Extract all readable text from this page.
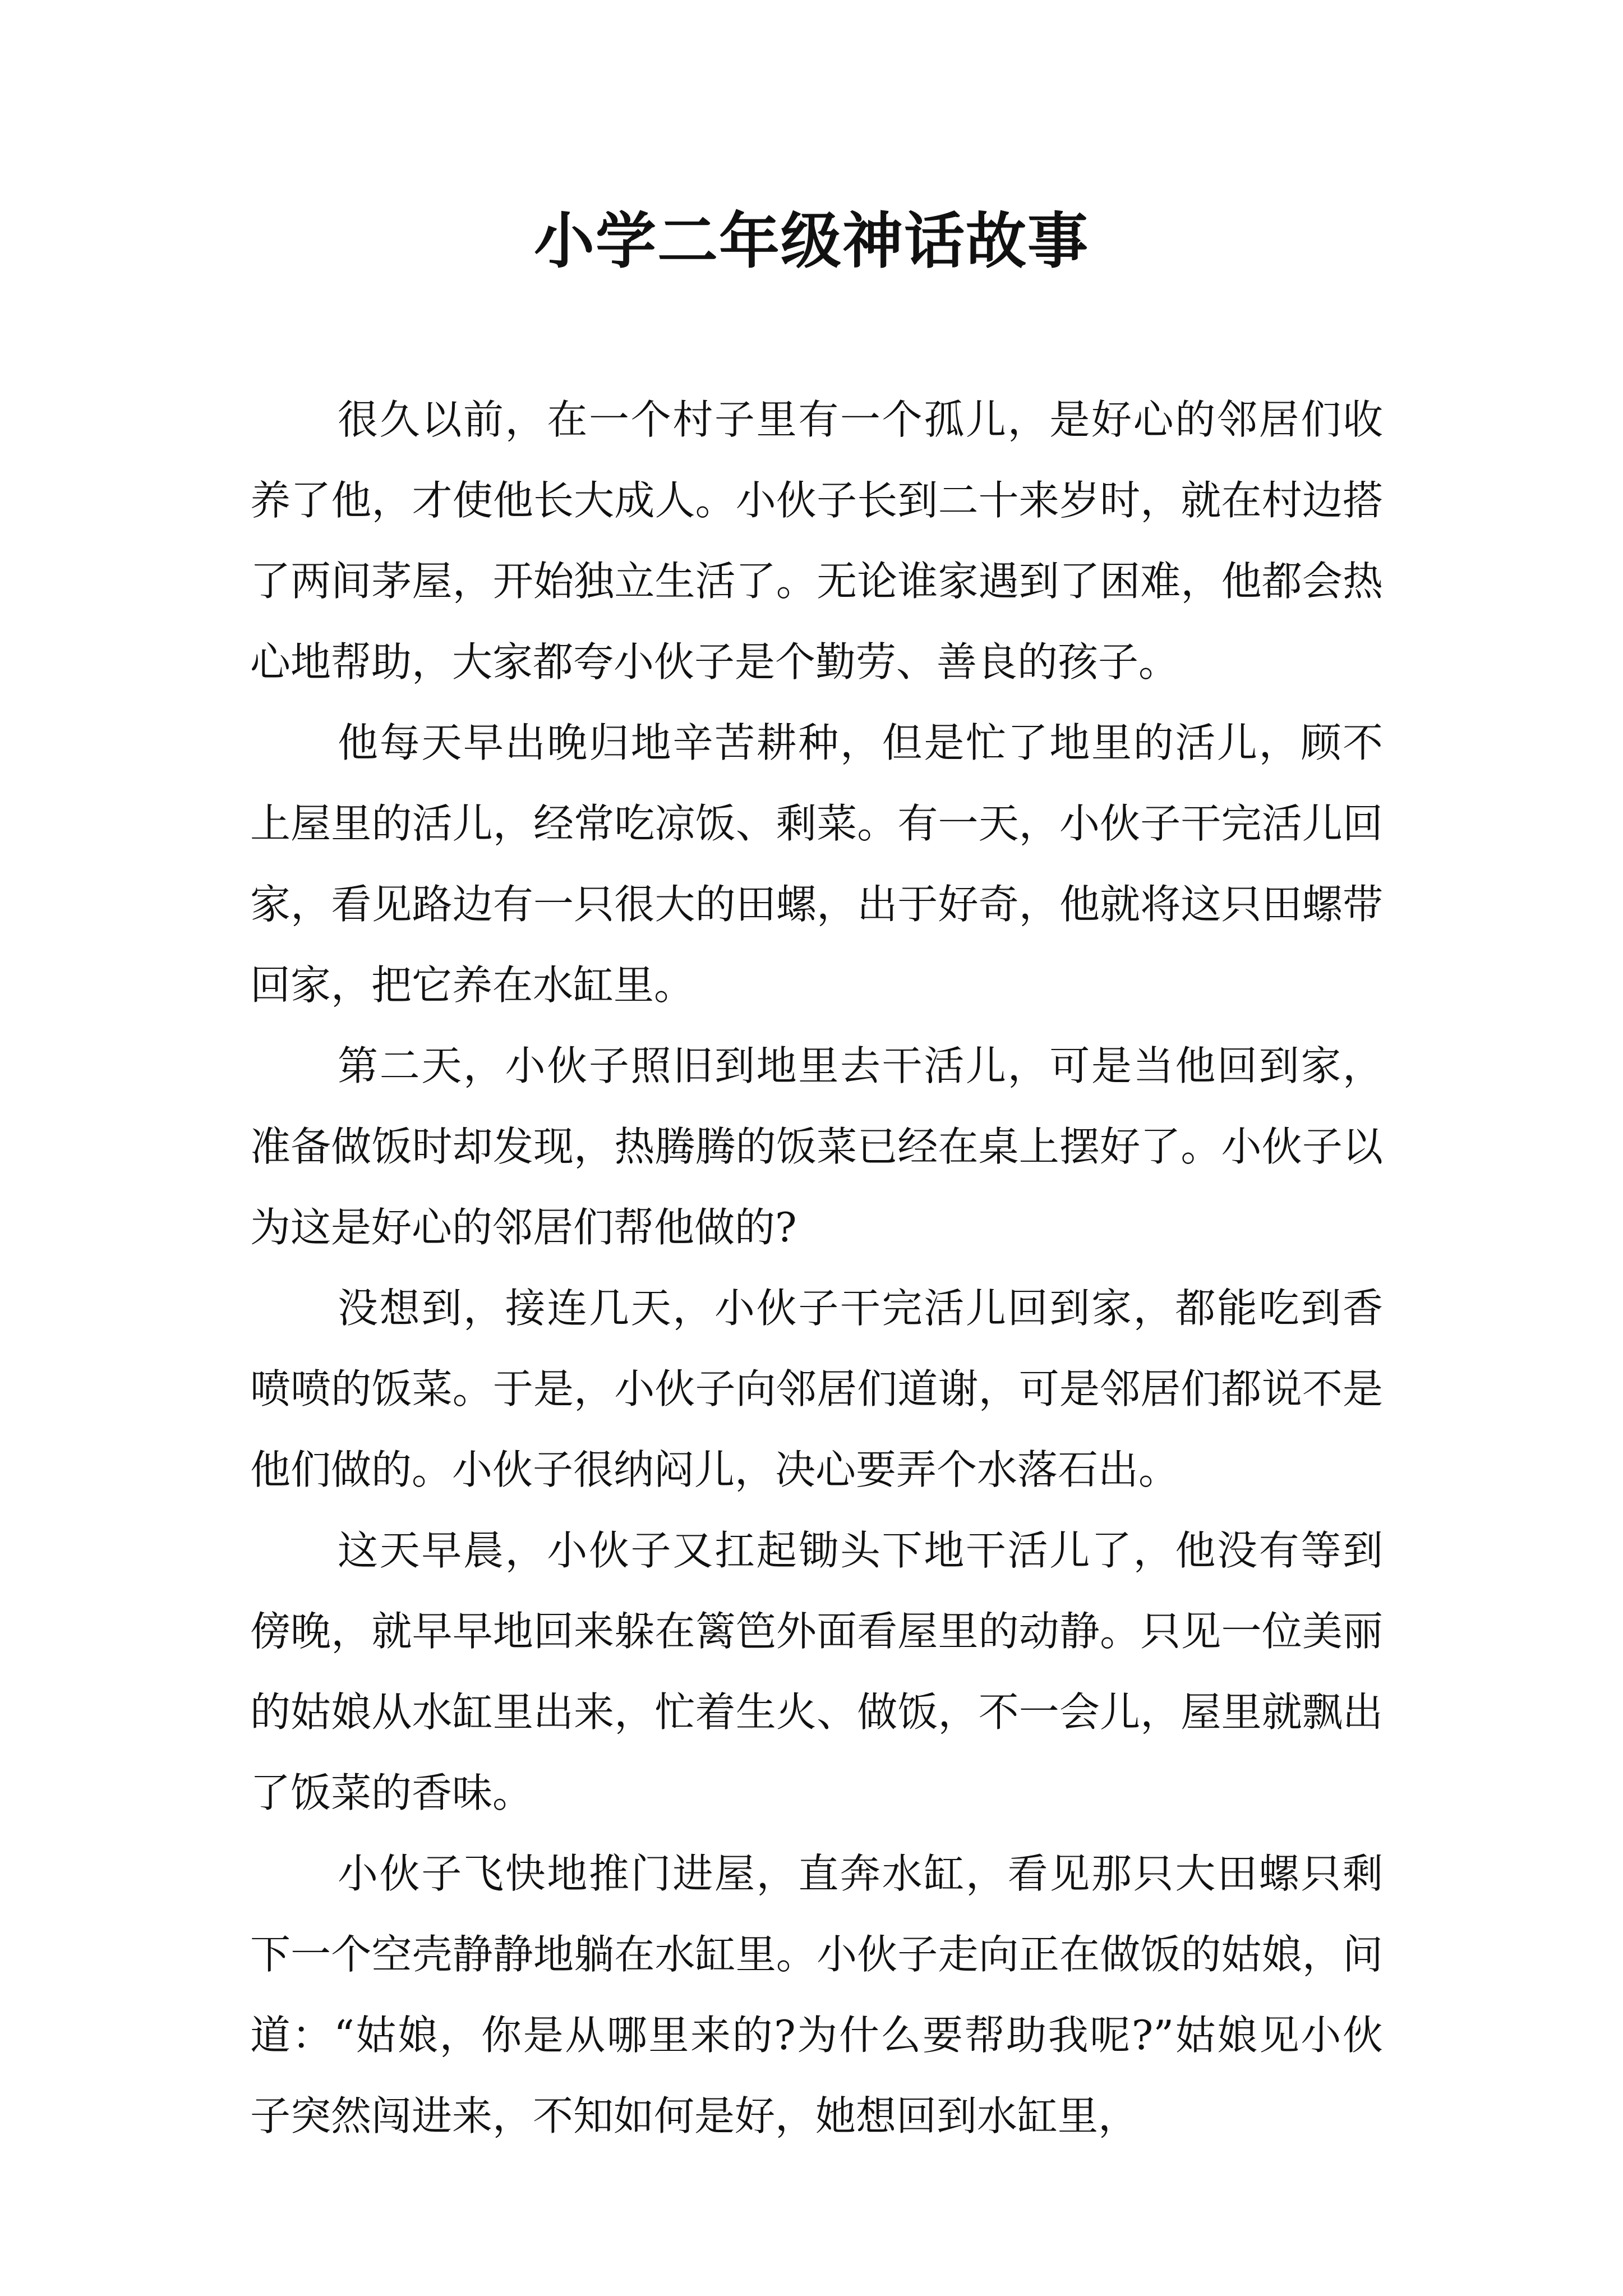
小学二年级神话故事

很久以前，在一个村子里有一个孤儿，是好心的邻居们收养了他，才使他长大成人。小伙子长到二十来岁时，就在村边搭了两间茅屋，开始独立生活了。无论谁家遇到了困难，他都会热心地帮助，大家都夸小伙子是个勤劳、善良的孩子。

他每天早出晚归地辛苦耕种，但是忙了地里的活儿，顾不上屋里的活儿，经常吃凉饭、剩菜。有一天，小伙子干完活儿回家，看见路边有一只很大的田螺，出于好奇，他就将这只田螺带回家，把它养在水缸里。

第二天，小伙子照旧到地里去干活儿，可是当他回到家，准备做饭时却发现，热腾腾的饭菜已经在桌上摆好了。小伙子以为这是好心的邻居们帮他做的?

没想到，接连几天，小伙子干完活儿回到家，都能吃到香喷喷的饭菜。于是，小伙子向邻居们道谢，可是邻居们都说不是他们做的。小伙子很纳闷儿，决心要弄个水落石出。

这天早晨，小伙子又扛起锄头下地干活儿了，他没有等到傍晚，就早早地回来躲在篱笆外面看屋里的动静。只见一位美丽的姑娘从水缸里出来，忙着生火、做饭，不一会儿，屋里就飘出了饭菜的香味。

小伙子飞快地推门进屋，直奔水缸，看见那只大田螺只剩下一个空壳静静地躺在水缸里。小伙子走向正在做饭的姑娘，问道：“姑娘，你是从哪里来的?为什么要帮助我呢?”姑娘见小伙子突然闯进来，不知如何是好，她想回到水缸里，
